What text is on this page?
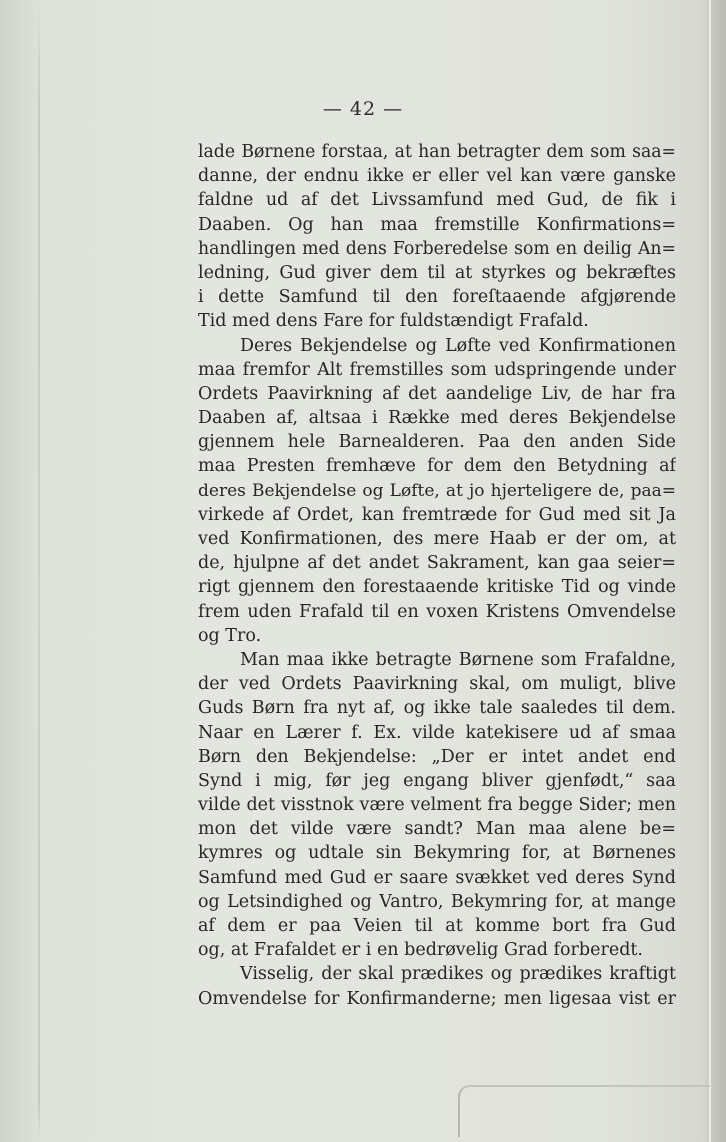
— 42 —
lade Børnene forstaa, at han betragter dem som saa=
danne, der endnu ikke er eller vel kan være ganske
faldne ud af det Livssamfund med Gud, de fik i
Daaben. Og han maa fremstille Konfirmations=
handlingen med dens Forberedelse som en deilig An=
ledning, Gud giver dem til at styrkes og bekræftes
i dette Samfund til den foreſtaaende afgjørende
Tid med dens Fare for fuldstændigt Frafald.
Deres Bekjendelse og Løfte ved Konfirmationen
maa fremfor Alt fremstilles som udspringende under
Ordets Paavirkning af det aandelige Liv, de har fra
Daaben af, altsaa i Række med deres Bekjendelse
gjennem hele Barnealderen. Paa den anden Side
maa Presten fremhæve for dem den Betydning af
deres Bekjendelse og Løfte, at jo hjerteligere de, paa=
virkede af Ordet, kan fremtræde for Gud med sit Ja
ved Konfirmationen, des mere Haab er der om, at
de, hjulpne af det andet Sakrament, kan gaa seier=
rigt gjennem den forestaaende kritiske Tid og vinde
frem uden Frafald til en voxen Kristens Omvendelse
og Tro.
Man maa ikke betragte Børnene som Frafaldne,
der ved Ordets Paavirkning skal, om muligt, blive
Guds Børn fra nyt af, og ikke tale saaledes til dem.
Naar en Lærer f. Ex. vilde katekisere ud af smaa
Børn den Bekjendelse: „Der er intet andet end
Synd i mig, før jeg engang bliver gjenfødt,“ saa
vilde det visstnok være velment fra begge Sider; men
mon det vilde være sandt? Man maa alene be=
kymres og udtale sin Bekymring for, at Børnenes
Samfund med Gud er saare svækket ved deres Synd
og Letsindighed og Vantro, Bekymring for, at mange
af dem er paa Veien til at komme bort fra Gud
og, at Frafaldet er i en bedrøvelig Grad forberedt.
Visselig, der skal prædikes og prædikes kraftigt
Omvendelse for Konfirmanderne; men ligesaa vist er
